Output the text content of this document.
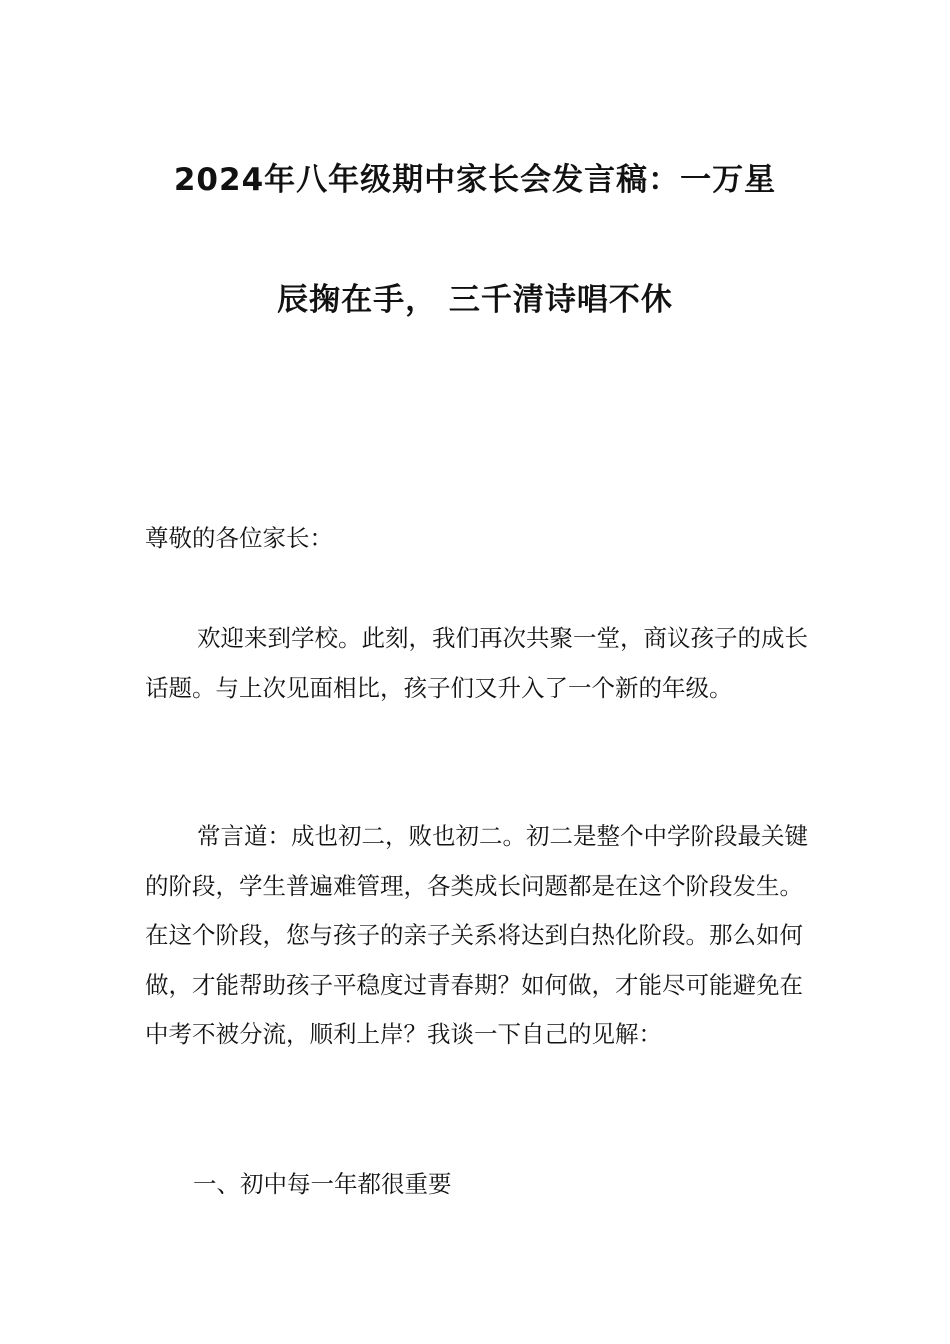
2024年八年级期中家长会发言稿：一万星
辰掬在手， 三千清诗唱不休

尊敬的各位家长：

欢迎来到学校。此刻，我们再次共聚一堂，商议孩子的成长话题。与上次见面相比，孩子们又升入了一个新的年级。

常言道：成也初二，败也初二。初二是整个中学阶段最关键的阶段，学生普遍难管理，各类成长问题都是在这个阶段发生。在这个阶段，您与孩子的亲子关系将达到白热化阶段。那么如何做，才能帮助孩子平稳度过青春期？如何做，才能尽可能避免在中考不被分流，顺利上岸？我谈一下自己的见解：

一、初中每一年都很重要
